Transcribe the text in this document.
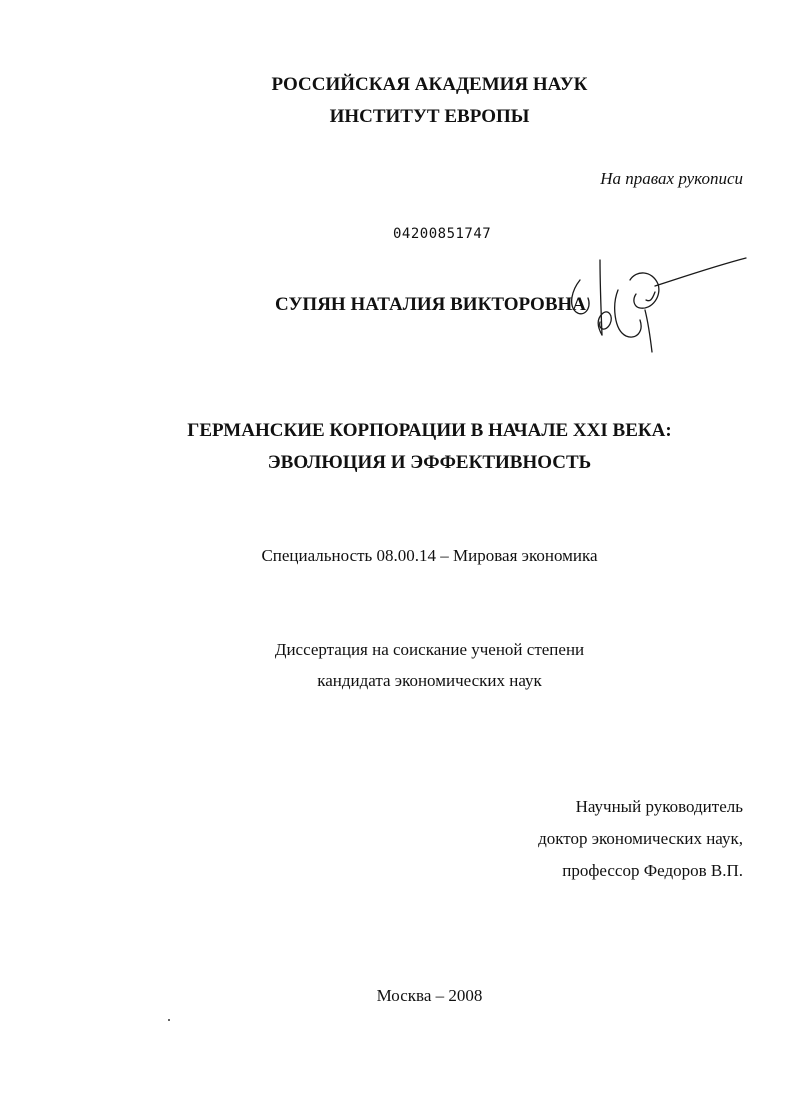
РОССИЙСКАЯ АКАДЕМИЯ НАУК
ИНСТИТУТ ЕВРОПЫ
На правах рукописи
04200851747
СУПЯН НАТАЛИЯ ВИКТОРОВНА
ГЕРМАНСКИЕ КОРПОРАЦИИ В НАЧАЛЕ XXI ВЕКА:
ЭВОЛЮЦИЯ И ЭФФЕКТИВНОСТЬ
Специальность 08.00.14 – Мировая экономика
Диссертация на соискание ученой степени
кандидата экономических наук
Научный руководитель
доктор экономических наук,
профессор Федоров В.П.
Москва – 2008
